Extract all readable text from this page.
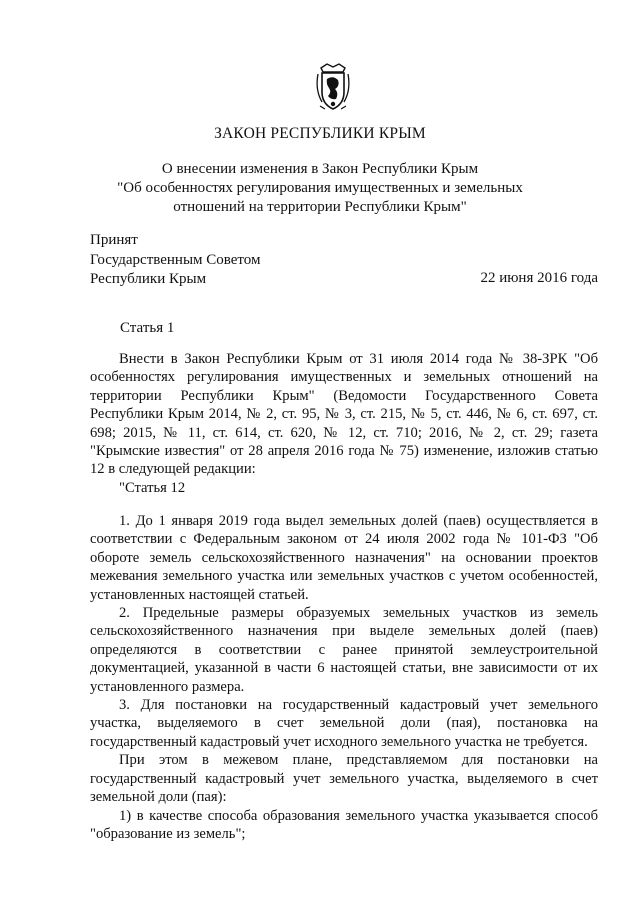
ЗАКОН РЕСПУБЛИКИ КРЫМ
О внесении изменения в Закон Республики Крым
"Об особенностях регулирования имущественных и земельных
отношений на территории Республики Крым"
Принят
Государственным Советом
Республики Крым	22 июня 2016 года
Статья 1

Внести в Закон Республики Крым от 31 июля 2014 года № 38-ЗРК "Об особенностях регулирования имущественных и земельных отношений на территории Республики Крым" (Ведомости Государственного Совета Республики Крым 2014, № 2, ст. 95, № 3, ст. 215, № 5, ст. 446, № 6, ст. 697, ст. 698; 2015, № 11, ст. 614, ст. 620, № 12, ст. 710; 2016, № 2, ст. 29; газета "Крымские известия" от 28 апреля 2016 года № 75) изменение, изложив статью 12 в следующей редакции:

"Статья 12

1. До 1 января 2019 года выдел земельных долей (паев) осуществляется в соответствии с Федеральным законом от 24 июля 2002 года № 101-ФЗ "Об обороте земель сельскохозяйственного назначения" на основании проектов межевания земельного участка или земельных участков с учетом особенностей, установленных настоящей статьей.

2. Предельные размеры образуемых земельных участков из земель сельскохозяйственного назначения при выделе земельных долей (паев) определяются в соответствии с ранее принятой землеустроительной документацией, указанной в части 6 настоящей статьи, вне зависимости от их установленного размера.

3. Для постановки на государственный кадастровый учет земельного участка, выделяемого в счет земельной доли (пая), постановка на государственный кадастровый учет исходного земельного участка не требуется.

При этом в межевом плане, представляемом для постановки на государственный кадастровый учет земельного участка, выделяемого в счет земельной доли (пая):

1) в качестве способа образования земельного участка указывается способ "образование из земель";
